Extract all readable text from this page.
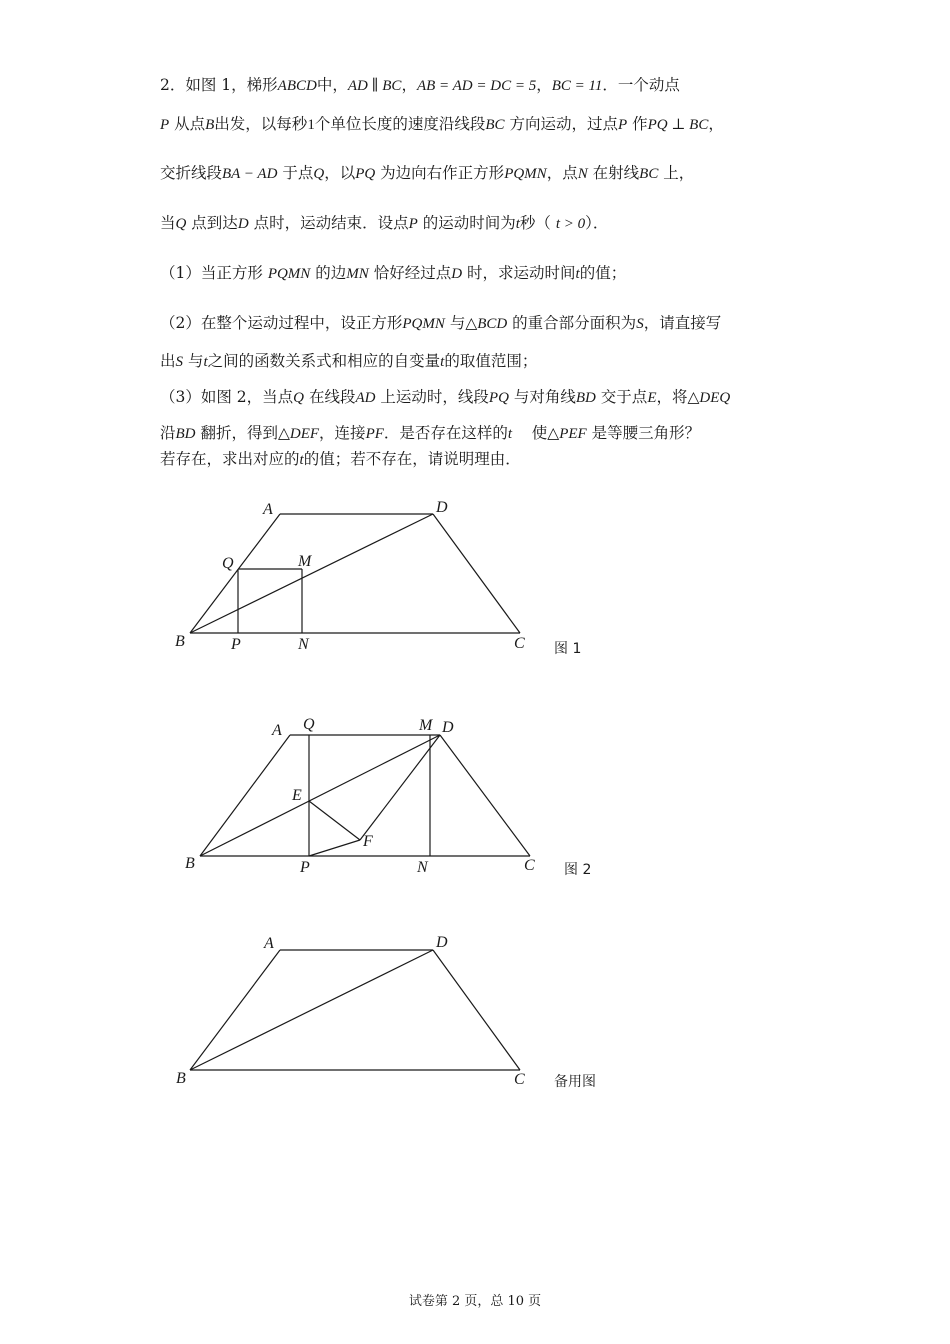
2．如图 1，梯形ABCD中，AD ∥ BC，AB = AD = DC = 5，BC = 11．一个动点
P 从点B出发，以每秒1个单位长度的速度沿线段BC 方向运动，过点P 作PQ ⊥ BC，
交折线段BA − AD 于点Q，以PQ 为边向右作正方形PQMN，点N 在射线BC 上，
当Q 点到达D 点时，运动结束．设点P 的运动时间为t秒（ t > 0）．
（1）当正方形 PQMN 的边MN 恰好经过点D 时，求运动时间t的值；
（2）在整个运动过程中，设正方形PQMN 与△BCD 的重合部分面积为S，请直接写
出S 与t之间的函数关系式和相应的自变量t的取值范围；
（3）如图 2，当点Q 在线段AD 上运动时，线段PQ 与对角线BD 交于点E，将△DEQ
沿BD 翻折，得到△DEF，连接PF．是否存在这样的t 使△PEF 是等腰三角形？
若存在，求出对应的t的值；若不存在，请说明理由．
A	D
Q	M
B	P	N	C 图 1
A Q	M D
E
F
B	P	N	C 图 2
A	D
B	C 备用图
试卷第 2 页，总 10 页
